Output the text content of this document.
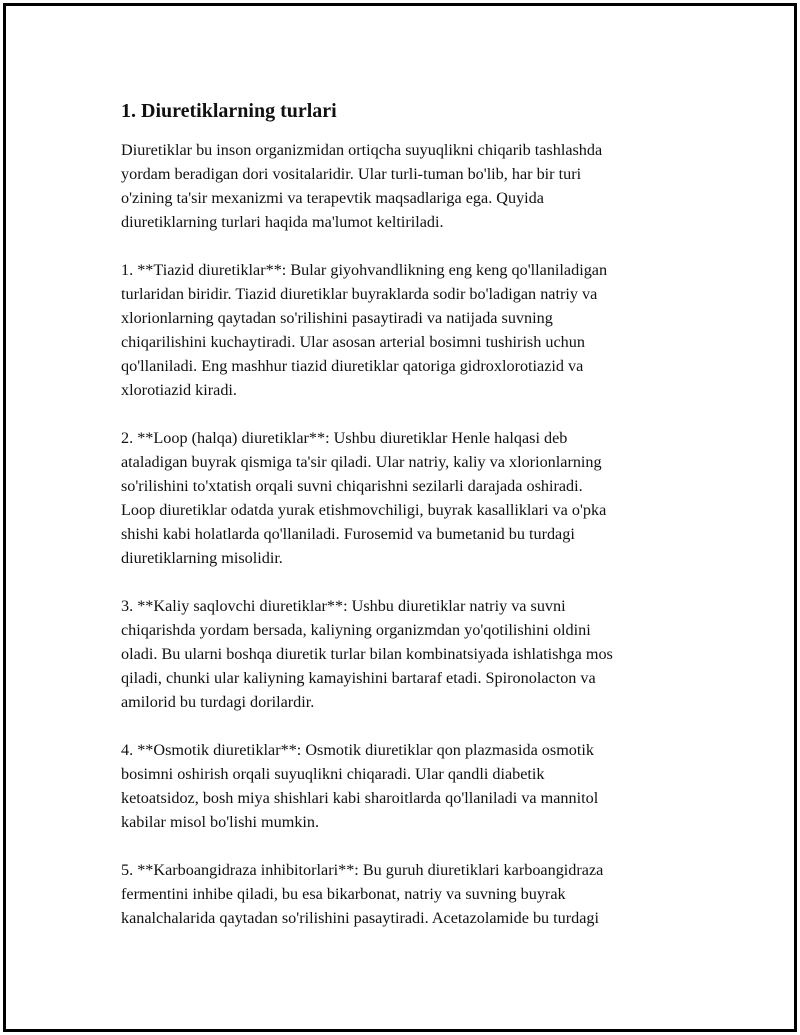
1. Diuretiklarning turlari
Diuretiklar bu inson organizmidan ortiqcha suyuqlikni chiqarib tashlashda
yordam beradigan dori vositalaridir. Ular turli-tuman bo'lib, har bir turi
o'zining ta'sir mexanizmi va terapevtik maqsadlariga ega. Quyida
diuretiklarning turlari haqida ma'lumot keltiriladi.
1. **Tiazid diuretiklar**: Bular giyohvandlikning eng keng qo'llaniladigan
turlaridan biridir. Tiazid diuretiklar buyraklarda sodir bo'ladigan natriy va
xlorionlarning qaytadan so'rilishini pasaytiradi va natijada suvning
chiqarilishini kuchaytiradi. Ular asosan arterial bosimni tushirish uchun
qo'llaniladi. Eng mashhur tiazid diuretiklar qatoriga gidroxlorotiazid va
xlorotiazid kiradi.
2. **Loop (halqa) diuretiklar**: Ushbu diuretiklar Henle halqasi deb
ataladigan buyrak qismiga ta'sir qiladi. Ular natriy, kaliy va xlorionlarning
so'rilishini to'xtatish orqali suvni chiqarishni sezilarli darajada oshiradi.
Loop diuretiklar odatda yurak etishmovchiligi, buyrak kasalliklari va o'pka
shishi kabi holatlarda qo'llaniladi. Furosemid va bumetanid bu turdagi
diuretiklarning misolidir.
3. **Kaliy saqlovchi diuretiklar**: Ushbu diuretiklar natriy va suvni
chiqarishda yordam bersada, kaliyning organizmdan yo'qotilishini oldini
oladi. Bu ularni boshqa diuretik turlar bilan kombinatsiyada ishlatishga mos
qiladi, chunki ular kaliyning kamayishini bartaraf etadi. Spironolacton va
amilorid bu turdagi dorilardir.
4. **Osmotik diuretiklar**: Osmotik diuretiklar qon plazmasida osmotik
bosimni oshirish orqali suyuqlikni chiqaradi. Ular qandli diabetik
ketoatsidoz, bosh miya shishlari kabi sharoitlarda qo'llaniladi va mannitol
kabilar misol bo'lishi mumkin.
5. **Karboangidraza inhibitorlari**: Bu guruh diuretiklari karboangidraza
fermentini inhibe qiladi, bu esa bikarbonat, natriy va suvning buyrak
kanalchalarida qaytadan so'rilishini pasaytiradi. Acetazolamide bu turdagi
